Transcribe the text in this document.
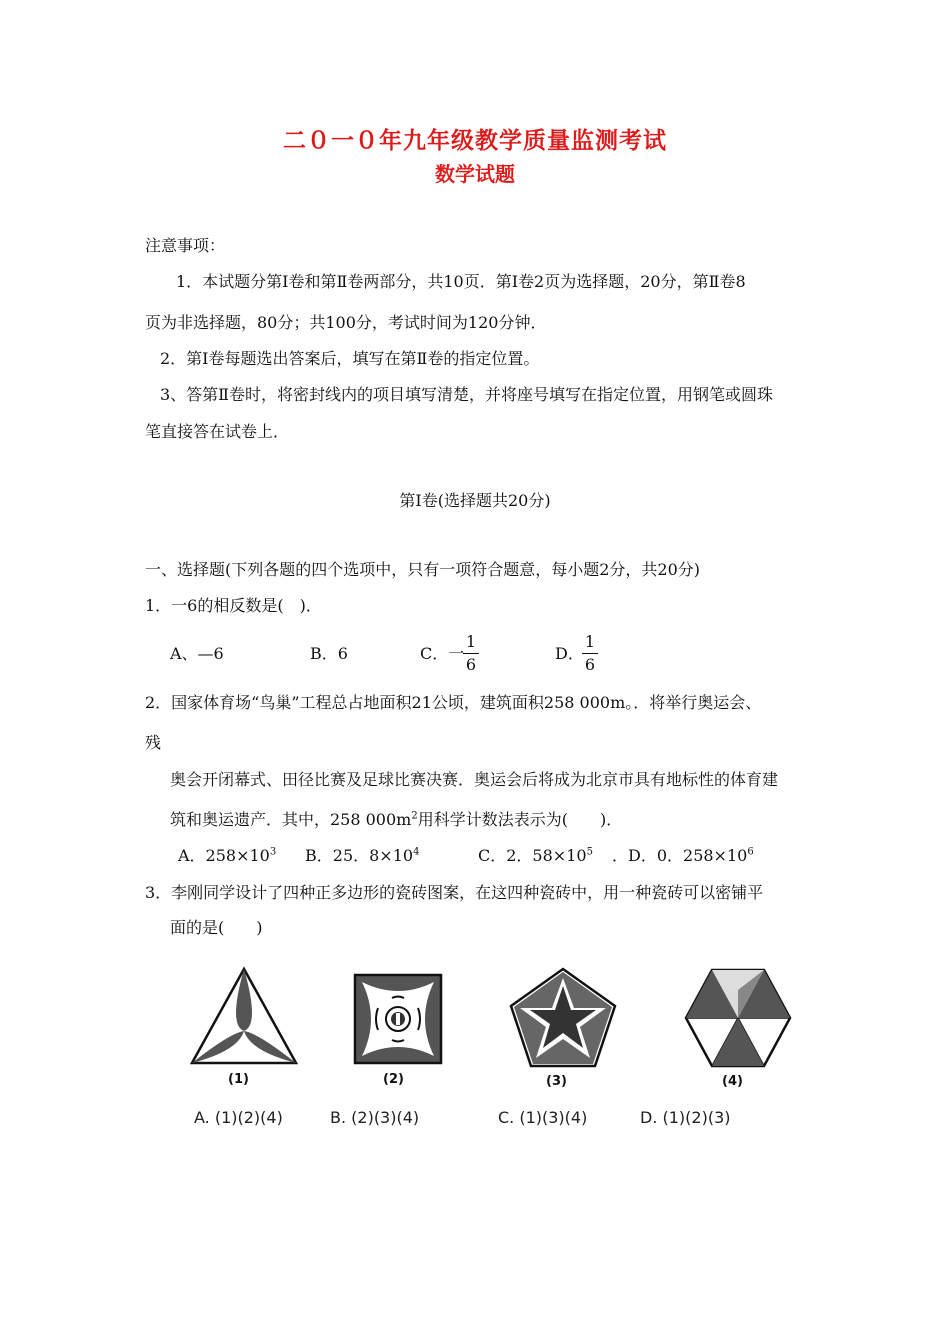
二０一０年九年级教学质量监测考试
数学试题
注意事项：
1．本试题分第Ⅰ卷和第Ⅱ卷两部分，共10页．第Ⅰ卷2页为选择题，20分，第Ⅱ卷8
页为非选择题，80分；共100分，考试时间为120分钟．
2．第Ⅰ卷每题选出答案后，填写在第Ⅱ卷的指定位置。
3、答第Ⅱ卷时，将密封线内的项目填写清楚，并将座号填写在指定位置，用钢笔或圆珠
笔直接答在试卷上．
第Ⅰ卷(选择题共20分)
一、选择题(下列各题的四个选项中，只有一项符合题意，每小题2分，共20分)
1．一6的相反数是(　)．
A、—6	B．6	C．一
1
6
D．
1
6
2．国家体育场“鸟巢”工程总占地面积21公顷，建筑面积258 000m。．将举行奥运会、
残
奥会开闭幕式、田径比赛及足球比赛决赛．奥运会后将成为北京市具有地标性的体育建
筑和奥运遗产．其中，258 $000m^2$用科学计数法表示为(　　)．
A．$258\times 10^3$ B．25．$8\times 10^4$	C．2．$58\times 10^5$ ．D．0．$258\times 10^6$
3．李刚同学设计了四种正多边形的瓷砖图案，在这四种瓷砖中，用一种瓷砖可以密铺平
面的是(　　)
(1)	(2)	(3)	(4)
A. (1)(2)(4)	B. (2)(3)(4)	C. (1)(3)(4)	D. (1)(2)(3)
